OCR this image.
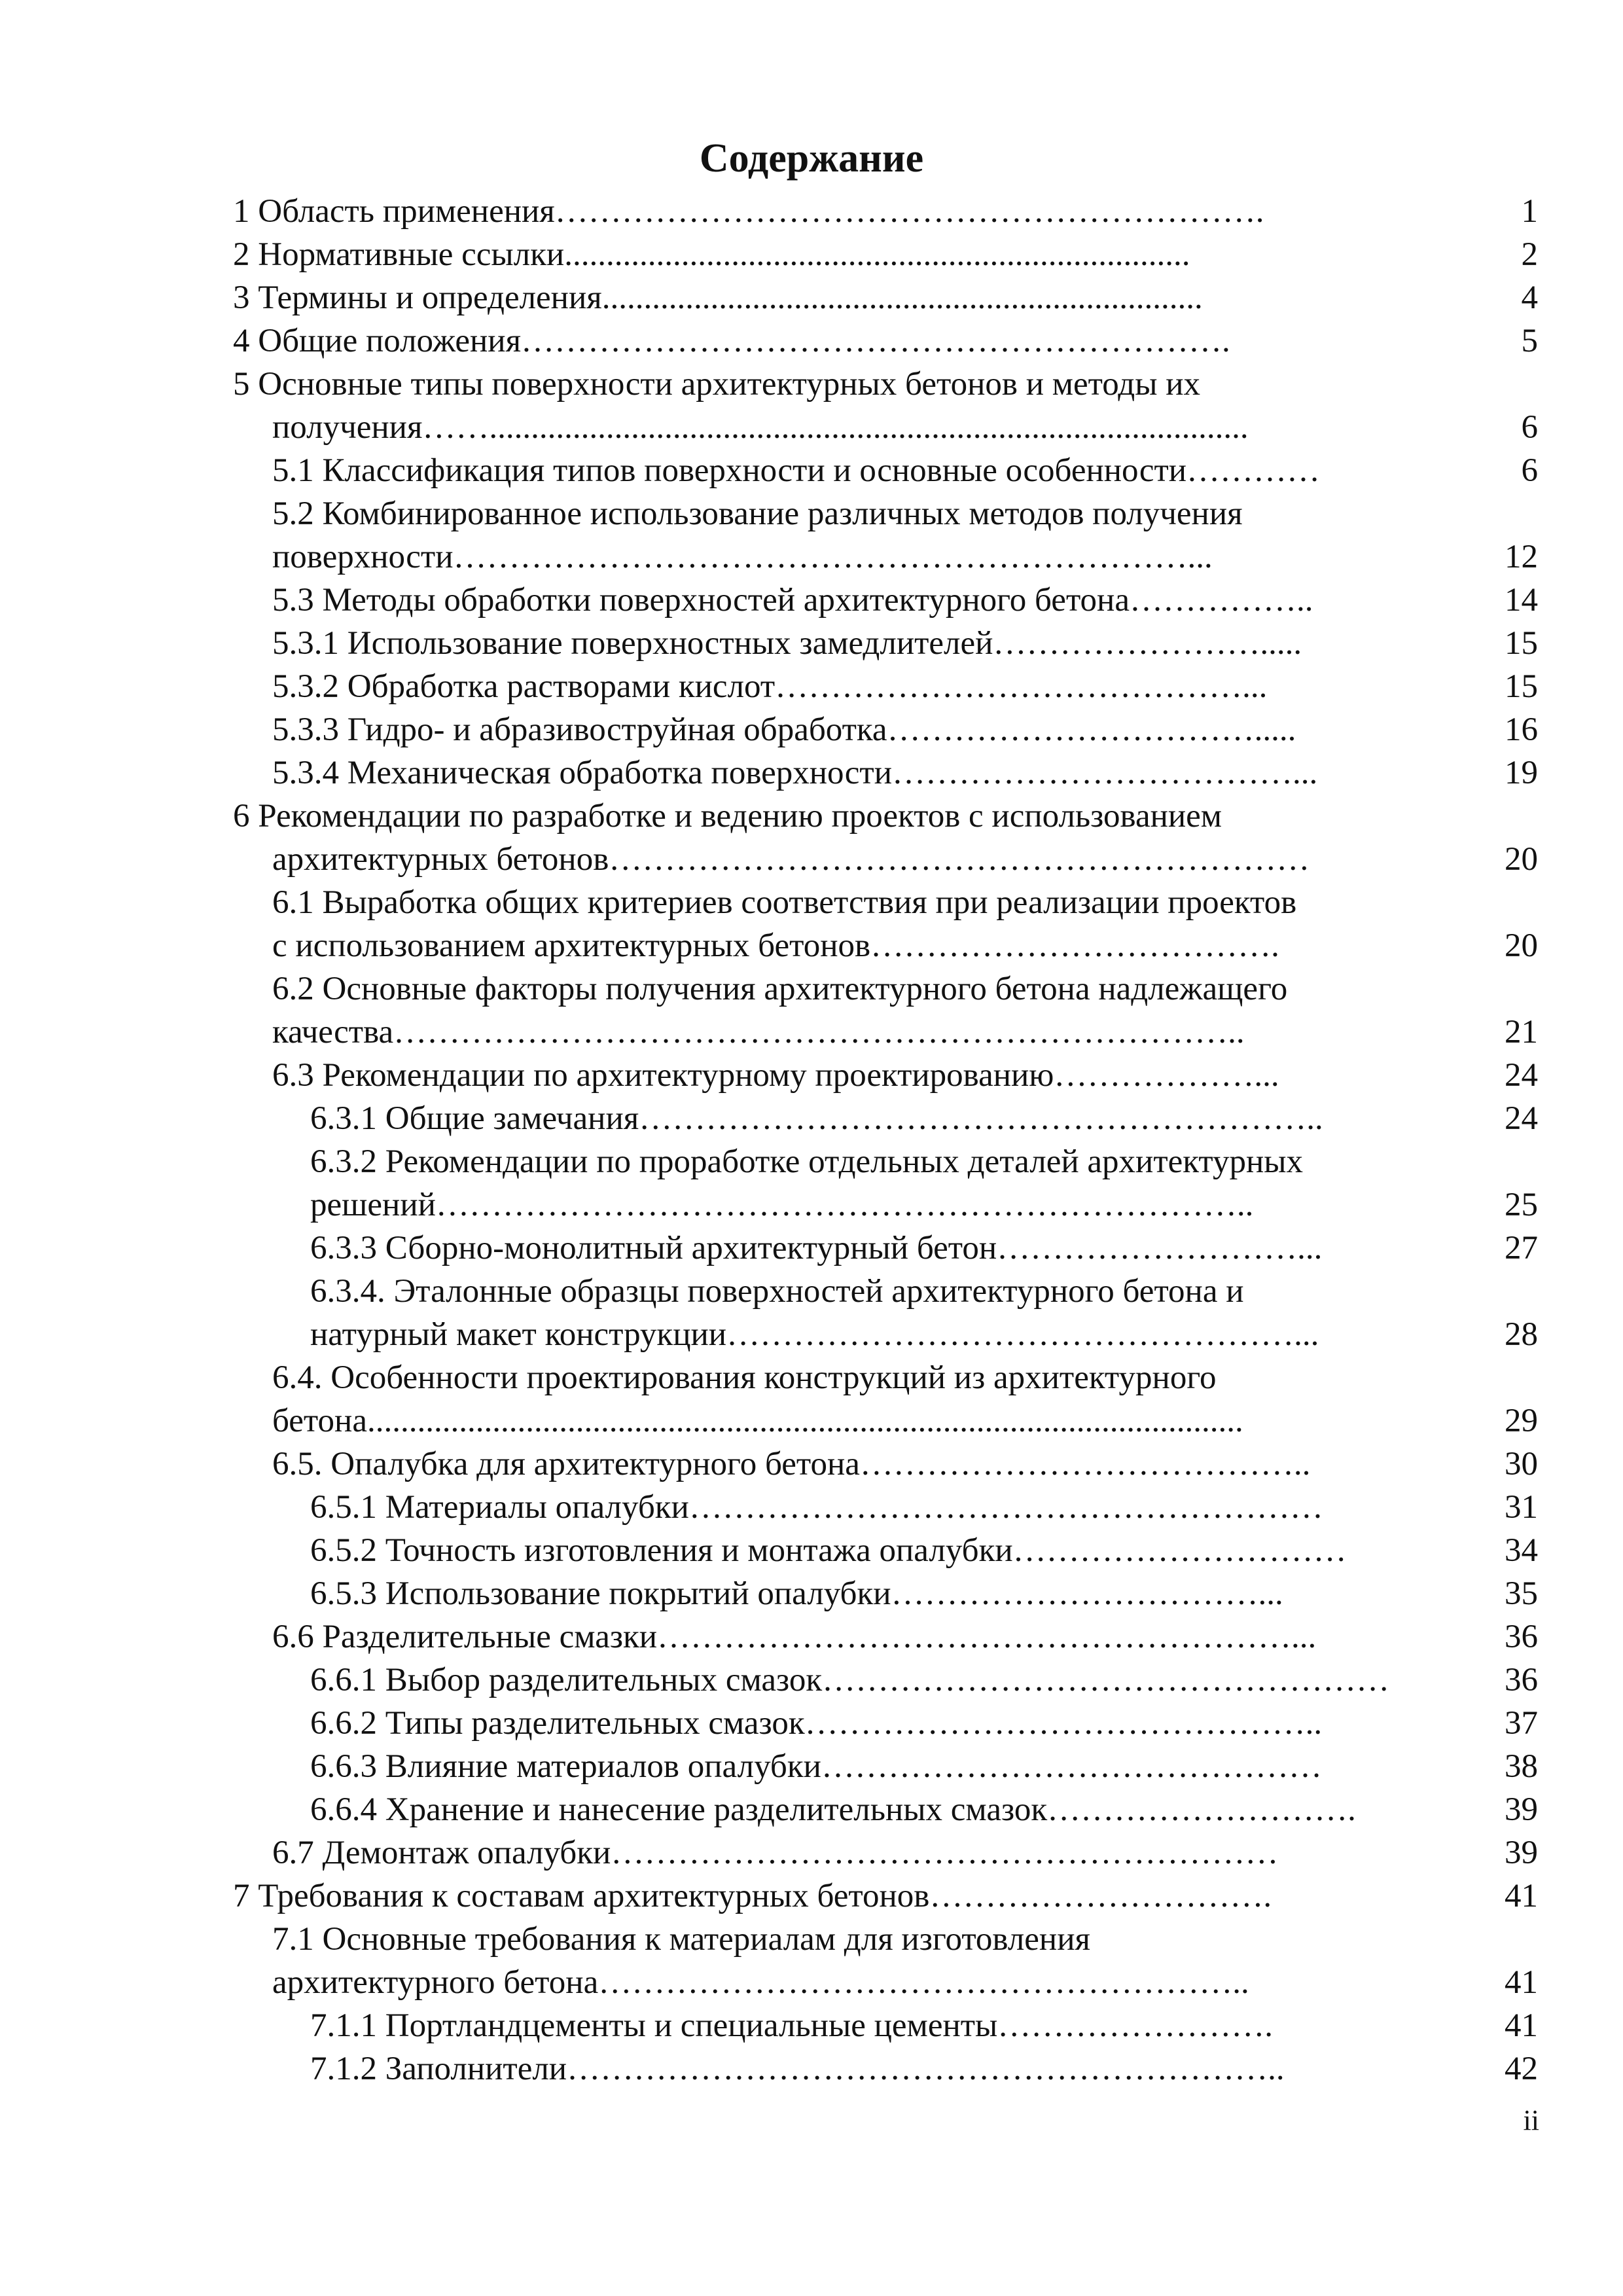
Содержание
1 Область применения……………………………………………………….	1
2 Нормативные ссылки...........................................................................	2
3 Термины и определения........................................................................	4
4 Общие положения……………………………………………………….	5
5 Основные типы поверхности архитектурных бетонов и методы их
получения……...........................................................................................	6
5.1 Классификация типов поверхности и основные особенности…………	6
5.2 Комбинированное использование различных методов получения
поверхности…………………………………………………………...	12
5.3 Методы обработки поверхностей архитектурного бетона……………..	14
5.3.1 Использование поверхностных замедлителей…………………….....	15
5.3.2 Обработка растворами кислот……………………………………...	15
5.3.3 Гидро- и абразивоструйная обработка…………………………….....	16
5.3.4 Механическая обработка поверхности………………………………...	19
6 Рекомендации по разработке и ведению проектов с использованием
архитектурных бетонов………………………………………………………	20
6.1 Выработка общих критериев соответствия при реализации проектов
с использованием архитектурных бетонов……………………………….	20
6.2 Основные факторы получения архитектурного бетона надлежащего
качества…………………………………………………………………..	21
6.3 Рекомендации по архитектурному проектированию………………...	24
6.3.1 Общие замечания……………………………………………………..	24
6.3.2 Рекомендации по проработке отдельных деталей архитектурных
решений………………………………………………………………..	25
6.3.3 Сборно-монолитный архитектурный бетон………………………...	27
6.3.4. Эталонные образцы поверхностей архитектурного бетона и
натурный макет конструкции……………………………………………...	28
6.4. Особенности проектирования конструкций из архитектурного
бетона.........................................................................................................	29
6.5. Опалубка для архитектурного бетона…………………………………..	30
6.5.1 Материалы опалубки…………………………………………………	31
6.5.2 Точность изготовления и монтажа опалубки…………………………	34
6.5.3 Использование покрытий опалубки……………………………...	35
6.6 Разделительные смазки…………………………………………………...	36
6.6.1 Выбор разделительных смазок……………………………………………	36
6.6.2 Типы разделительных смазок………………………………………..	37
6.6.3 Влияние материалов опалубки………………………………………	38
6.6.4 Хранение и нанесение разделительных смазок……………………….	39
6.7 Демонтаж опалубки……………………………………………………	39
7 Требования к составам архитектурных бетонов………………………….	41
7.1 Основные требования к материалам для изготовления
архитектурного бетона…………………………………………………..	41
7.1.1 Портландцементы и специальные цементы…………………….	41
7.1.2 Заполнители………………………………………………………..	42
ii
